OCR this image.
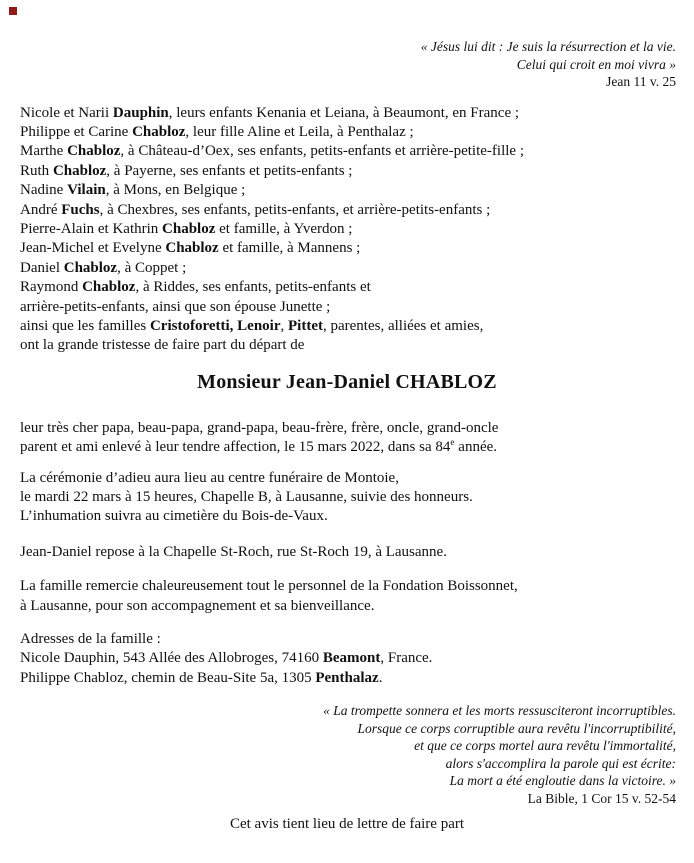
« Jésus lui dit : Je suis la résurrection et la vie.
Celui qui croit en moi vivra »
Jean 11 v. 25
Nicole et Narii Dauphin, leurs enfants Kenania et Leiana, à Beaumont, en France ;
Philippe et Carine Chabloz, leur fille Aline et Leila, à Penthalaz ;
Marthe Chabloz, à Château-d’Oex, ses enfants, petits-enfants et arrière-petite-fille ;
Ruth Chabloz, à Payerne, ses enfants et petits-enfants ;
Nadine Vilain, à Mons, en Belgique ;
André Fuchs, à Chexbres, ses enfants, petits-enfants, et arrière-petits-enfants ;
Pierre-Alain et Kathrin Chabloz et famille, à Yverdon ;
Jean-Michel et Evelyne Chabloz et famille, à Mannens ;
Daniel Chabloz, à Coppet ;
Raymond Chabloz, à Riddes, ses enfants, petits-enfants et
arrière-petits-enfants, ainsi que son épouse Junette ;
ainsi que les familles Cristoforetti, Lenoir, Pittet, parentes, alliées et amies,
ont la grande tristesse de faire part du départ de
Monsieur Jean-Daniel CHABLOZ
leur très cher papa, beau-papa, grand-papa, beau-frère, frère, oncle, grand-oncle
parent et ami enlevé à leur tendre affection, le 15 mars 2022, dans sa 84e année.
La cérémonie d’adieu aura lieu au centre funéraire de Montoie,
le mardi 22 mars à 15 heures, Chapelle B, à Lausanne, suivie des honneurs.
L’inhumation suivra au cimetière du Bois-de-Vaux.
Jean-Daniel repose à la Chapelle St-Roch, rue St-Roch 19, à Lausanne.
La famille remercie chaleureusement tout le personnel de la Fondation Boissonnet,
à Lausanne, pour son accompagnement et sa bienveillance.
Adresses de la famille :
Nicole Dauphin, 543 Allée des Allobroges, 74160 Beamont, France.
Philippe Chabloz, chemin de Beau-Site 5a, 1305 Penthalaz.
« La trompette sonnera et les morts ressusciteront incorruptibles.
Lorsque ce corps corruptible aura revêtu l'incorruptibilité,
et que ce corps mortel aura revêtu l'immortalité,
alors s'accomplira la parole qui est écrite:
La mort a été engloutie dans la victoire. »
La Bible, 1 Cor 15 v. 52-54
Cet avis tient lieu de lettre de faire part
